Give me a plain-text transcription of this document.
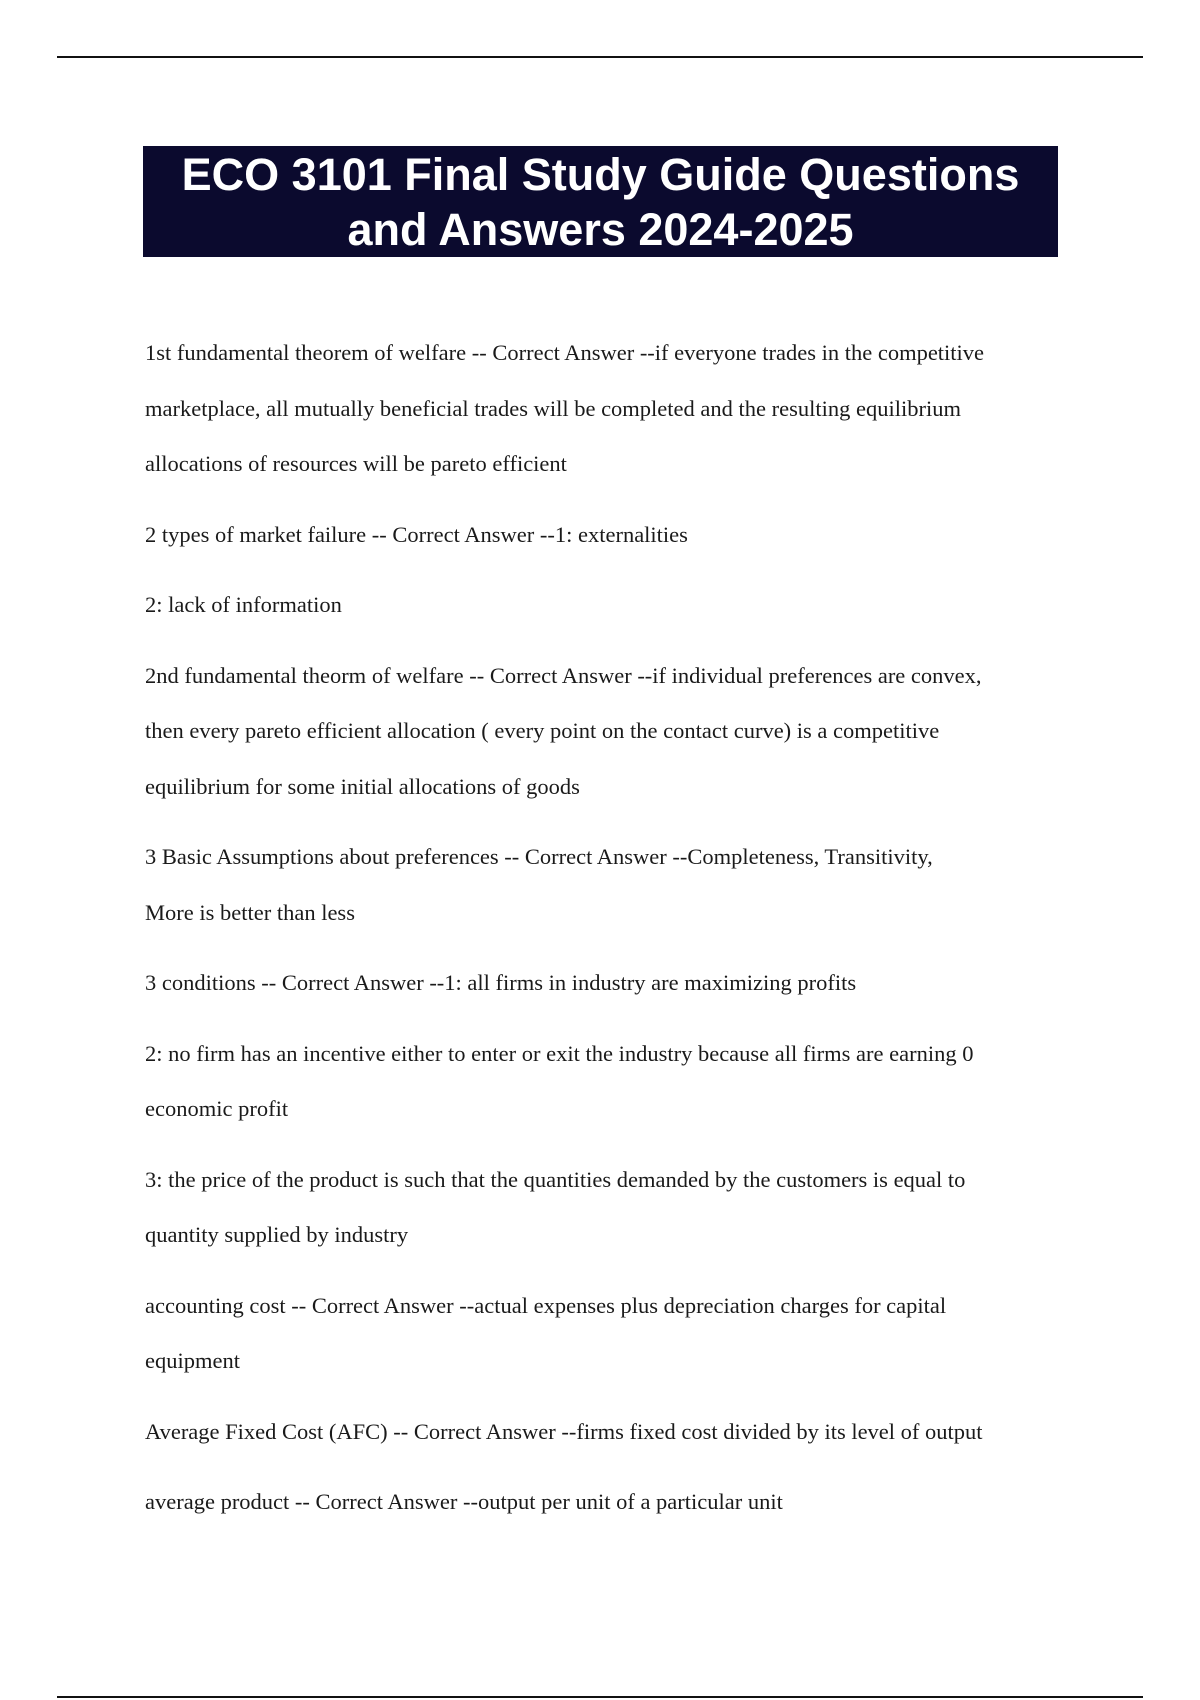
ECO 3101 Final Study Guide Questions
and Answers 2024-2025
1st fundamental theorem of welfare -- Correct Answer --if everyone trades in the competitive
marketplace, all mutually beneficial trades will be completed and the resulting equilibrium
allocations of resources will be pareto efficient
2 types of market failure -- Correct Answer --1: externalities
2: lack of information
2nd fundamental theorm of welfare -- Correct Answer --if individual preferences are convex,
then every pareto efficient allocation ( every point on the contact curve) is a competitive
equilibrium for some initial allocations of goods
3 Basic Assumptions about preferences -- Correct Answer --Completeness, Transitivity,
More is better than less
3 conditions -- Correct Answer --1: all firms in industry are maximizing profits
2: no firm has an incentive either to enter or exit the industry because all firms are earning 0
economic profit
3: the price of the product is such that the quantities demanded by the customers is equal to
quantity supplied by industry
accounting cost -- Correct Answer --actual expenses plus depreciation charges for capital
equipment
Average Fixed Cost (AFC) -- Correct Answer --firms fixed cost divided by its level of output
average product -- Correct Answer --output per unit of a particular unit
